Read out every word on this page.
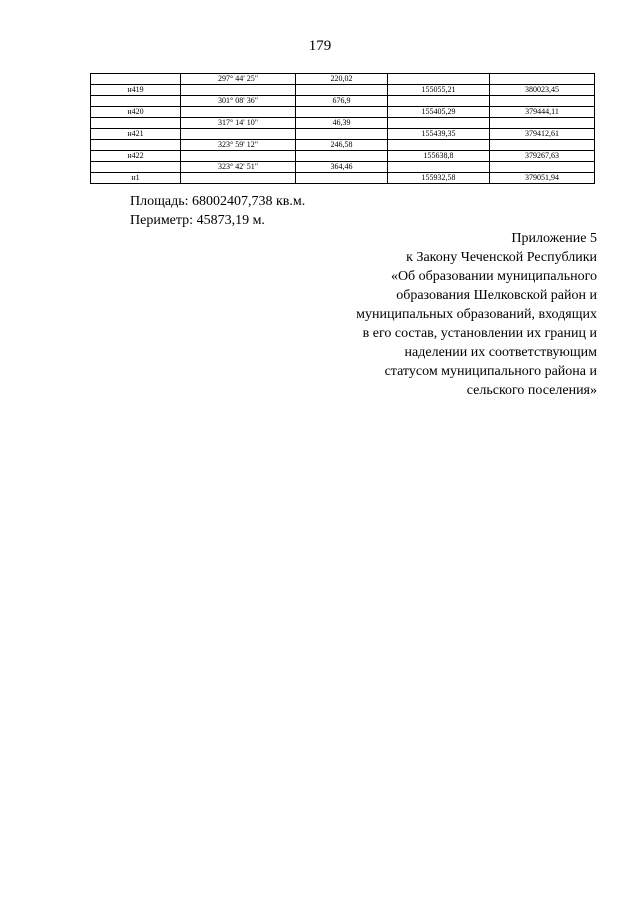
179
	297° 44' 25"	220,02		
н419			155055,21	380023,45
	301° 08' 36"	676,9		
н420			155405,29	379444,11
	317° 14' 10"	46,39		
н421			155439,35	379412,61
	323° 59' 12"	246,58		
н422			155638,8	379267,63
	323° 42' 51"	364,46		
н1			155932,58	379051,94
Площадь: 68002407,738 кв.м.
Периметр: 45873,19 м.
Приложение 5
к Закону Чеченской Республики
«Об образовании муниципального
образования Шелковской район и
муниципальных образований, входящих
в его состав, установлении их границ и
наделении их соответствующим
статусом муниципального района и
сельского поселения»
